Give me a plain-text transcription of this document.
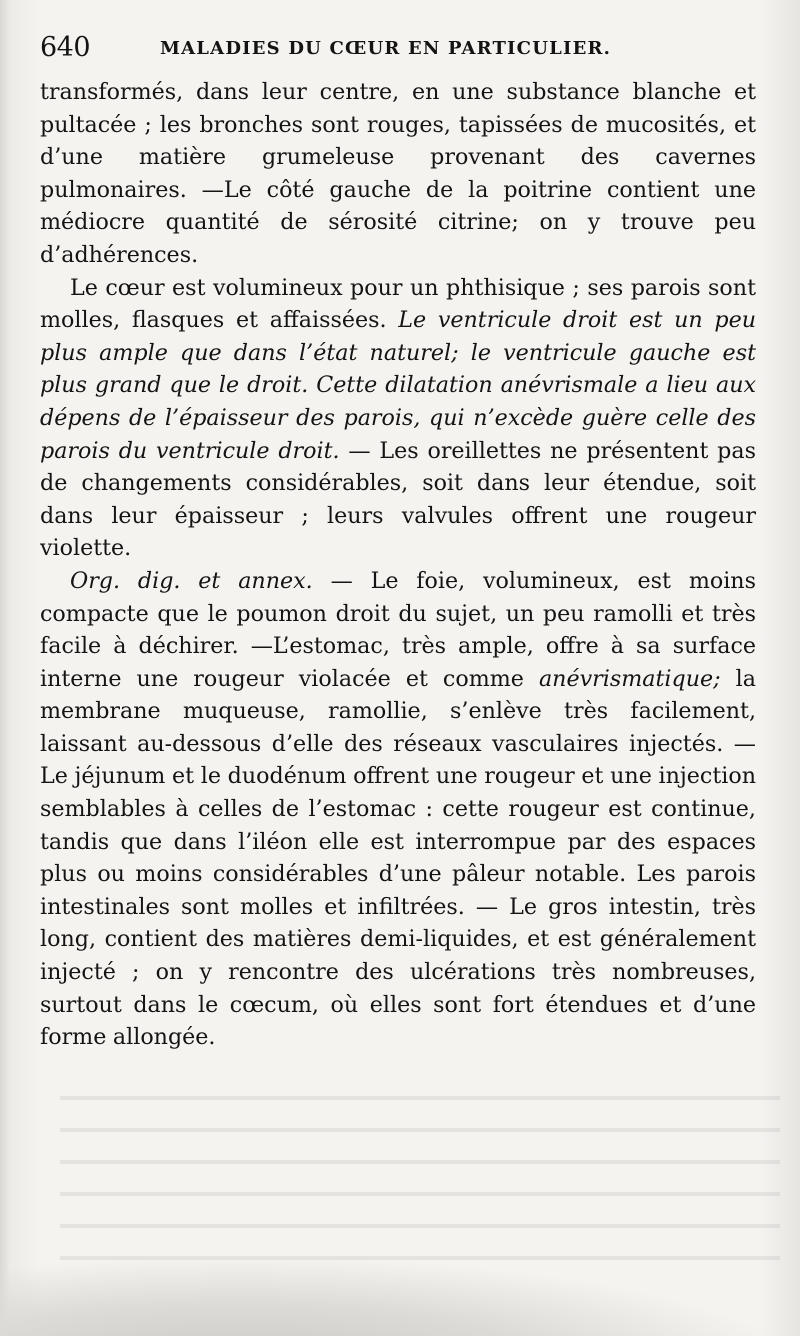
640	MALADIES DU CŒUR EN PARTICULIER.

transformés, dans leur centre, en une substance blanche et pultacée ; les bronches sont rouges, tapissées de mucosités, et d’une matière grumeleuse provenant des cavernes pulmonaires. —Le côté gauche de la poitrine contient une médiocre quantité de sérosité citrine; on y trouve peu d’adhérences.

Le cœur est volumineux pour un phthisique ; ses parois sont molles, flasques et affaissées. Le ventricule droit est un peu plus ample que dans l’état naturel; le ventricule gauche est plus grand que le droit. Cette dilatation anévrismale a lieu aux dépens de l’épaisseur des parois, qui n’excède guère celle des parois du ventricule droit. — Les oreillettes ne présentent pas de changements considérables, soit dans leur étendue, soit dans leur épaisseur ; leurs valvules offrent une rougeur violette.

Org. dig. et annex. — Le foie, volumineux, est moins compacte que le poumon droit du sujet, un peu ramolli et très facile à déchirer. —L’estomac, très ample, offre à sa surface interne une rougeur violacée et comme anévrismatique; la membrane muqueuse, ramollie, s’enlève très facilement, laissant au-dessous d’elle des réseaux vasculaires injectés. —Le jéjunum et le duodénum offrent une rougeur et une injection semblables à celles de l’estomac : cette rougeur est continue, tandis que dans l’iléon elle est interrompue par des espaces plus ou moins considérables d’une pâleur notable. Les parois intestinales sont molles et infiltrées. — Le gros intestin, très long, contient des matières demi-liquides, et est généralement injecté ; on y rencontre des ulcérations très nombreuses, surtout dans le cœcum, où elles sont fort étendues et d’une forme allongée.
